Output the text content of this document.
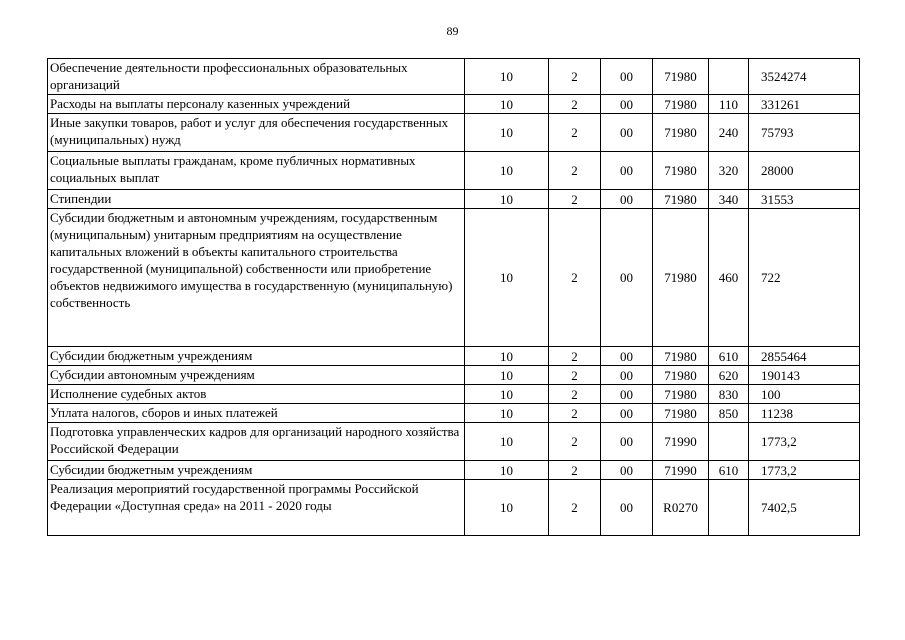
89
Обеспечение деятельности профессиональных образовательных организаций	10	2	00	71980		3524274
Расходы на выплаты персоналу казенных учреждений	10	2	00	71980	110	331261
Иные закупки товаров, работ и услуг для обеспечения государственных (муниципальных) нужд	10	2	00	71980	240	75793
Социальные выплаты гражданам, кроме публичных нормативных социальных выплат	10	2	00	71980	320	28000
Стипендии	10	2	00	71980	340	31553
Субсидии бюджетным и автономным учреждениям, государственным (муниципальным) унитарным предприятиям на осуществление капитальных вложений в объекты капитального строительства государственной (муниципальной) собственности или приобретение объектов недвижимого имущества в государственную (муниципальную) собственность	10	2	00	71980	460	722
Субсидии бюджетным учреждениям	10	2	00	71980	610	2855464
Субсидии автономным учреждениям	10	2	00	71980	620	190143
Исполнение судебных актов	10	2	00	71980	830	100
Уплата налогов, сборов и иных платежей	10	2	00	71980	850	11238
Подготовка управленческих кадров для организаций народного хозяйства Российской Федерации	10	2	00	71990		1773,2
Субсидии бюджетным учреждениям	10	2	00	71990	610	1773,2
Реализация мероприятий государственной программы Российской Федерации «Доступная среда» на 2011 - 2020 годы	10	2	00	R0270		7402,5
